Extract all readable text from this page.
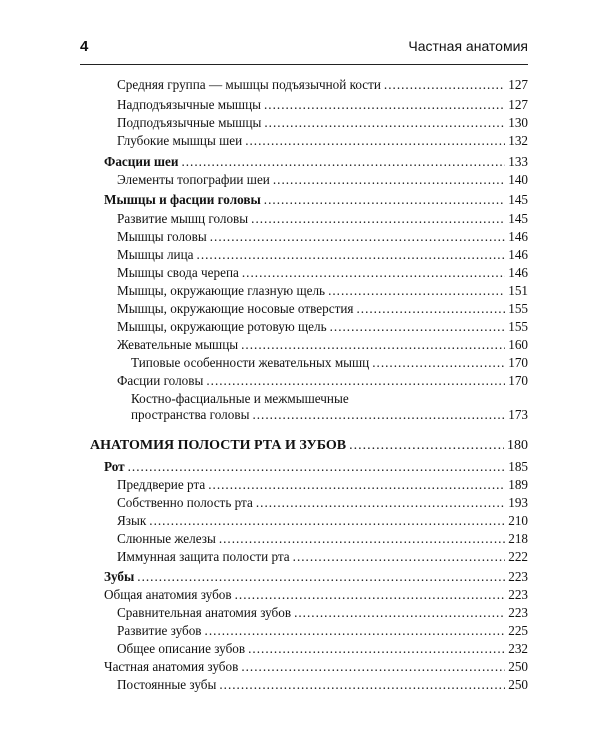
4	Частная анатомия
Средняя группа — мышцы подъязычной кости .....	127
Надподъязычные мышцы .....	127
Подподъязычные мышцы .....	130
Глубокие мышцы шеи .....	132
Фасции шеи .....	133
Элементы топографии шеи .....	140
Мышцы и фасции головы .....	145
Развитие мышц головы .....	145
Мышцы головы .....	146
Мышцы лица .....	146
Мышцы свода черепа .....	146
Мышцы, окружающие глазную щель .....	151
Мышцы, окружающие носовые отверстия .....	155
Мышцы, окружающие ротовую щель .....	155
Жевательные мышцы .....	160
Типовые особенности жевательных мышц .....	170
Фасции головы .....	170
Костно-фасциальные и межмышечные
пространства головы .....	173
АНАТОМИЯ ПОЛОСТИ РТА И ЗУБОВ .....	180
Рот .....	185
Преддверие рта .....	189
Собственно полость рта .....	193
Язык .....	210
Слюнные железы .....	218
Иммунная защита полости рта .....	222
Зубы .....	223
Общая анатомия зубов .....	223
Сравнительная анатомия зубов .....	223
Развитие зубов .....	225
Общее описание зубов .....	232
Частная анатомия зубов .....	250
Постоянные зубы .....	250
